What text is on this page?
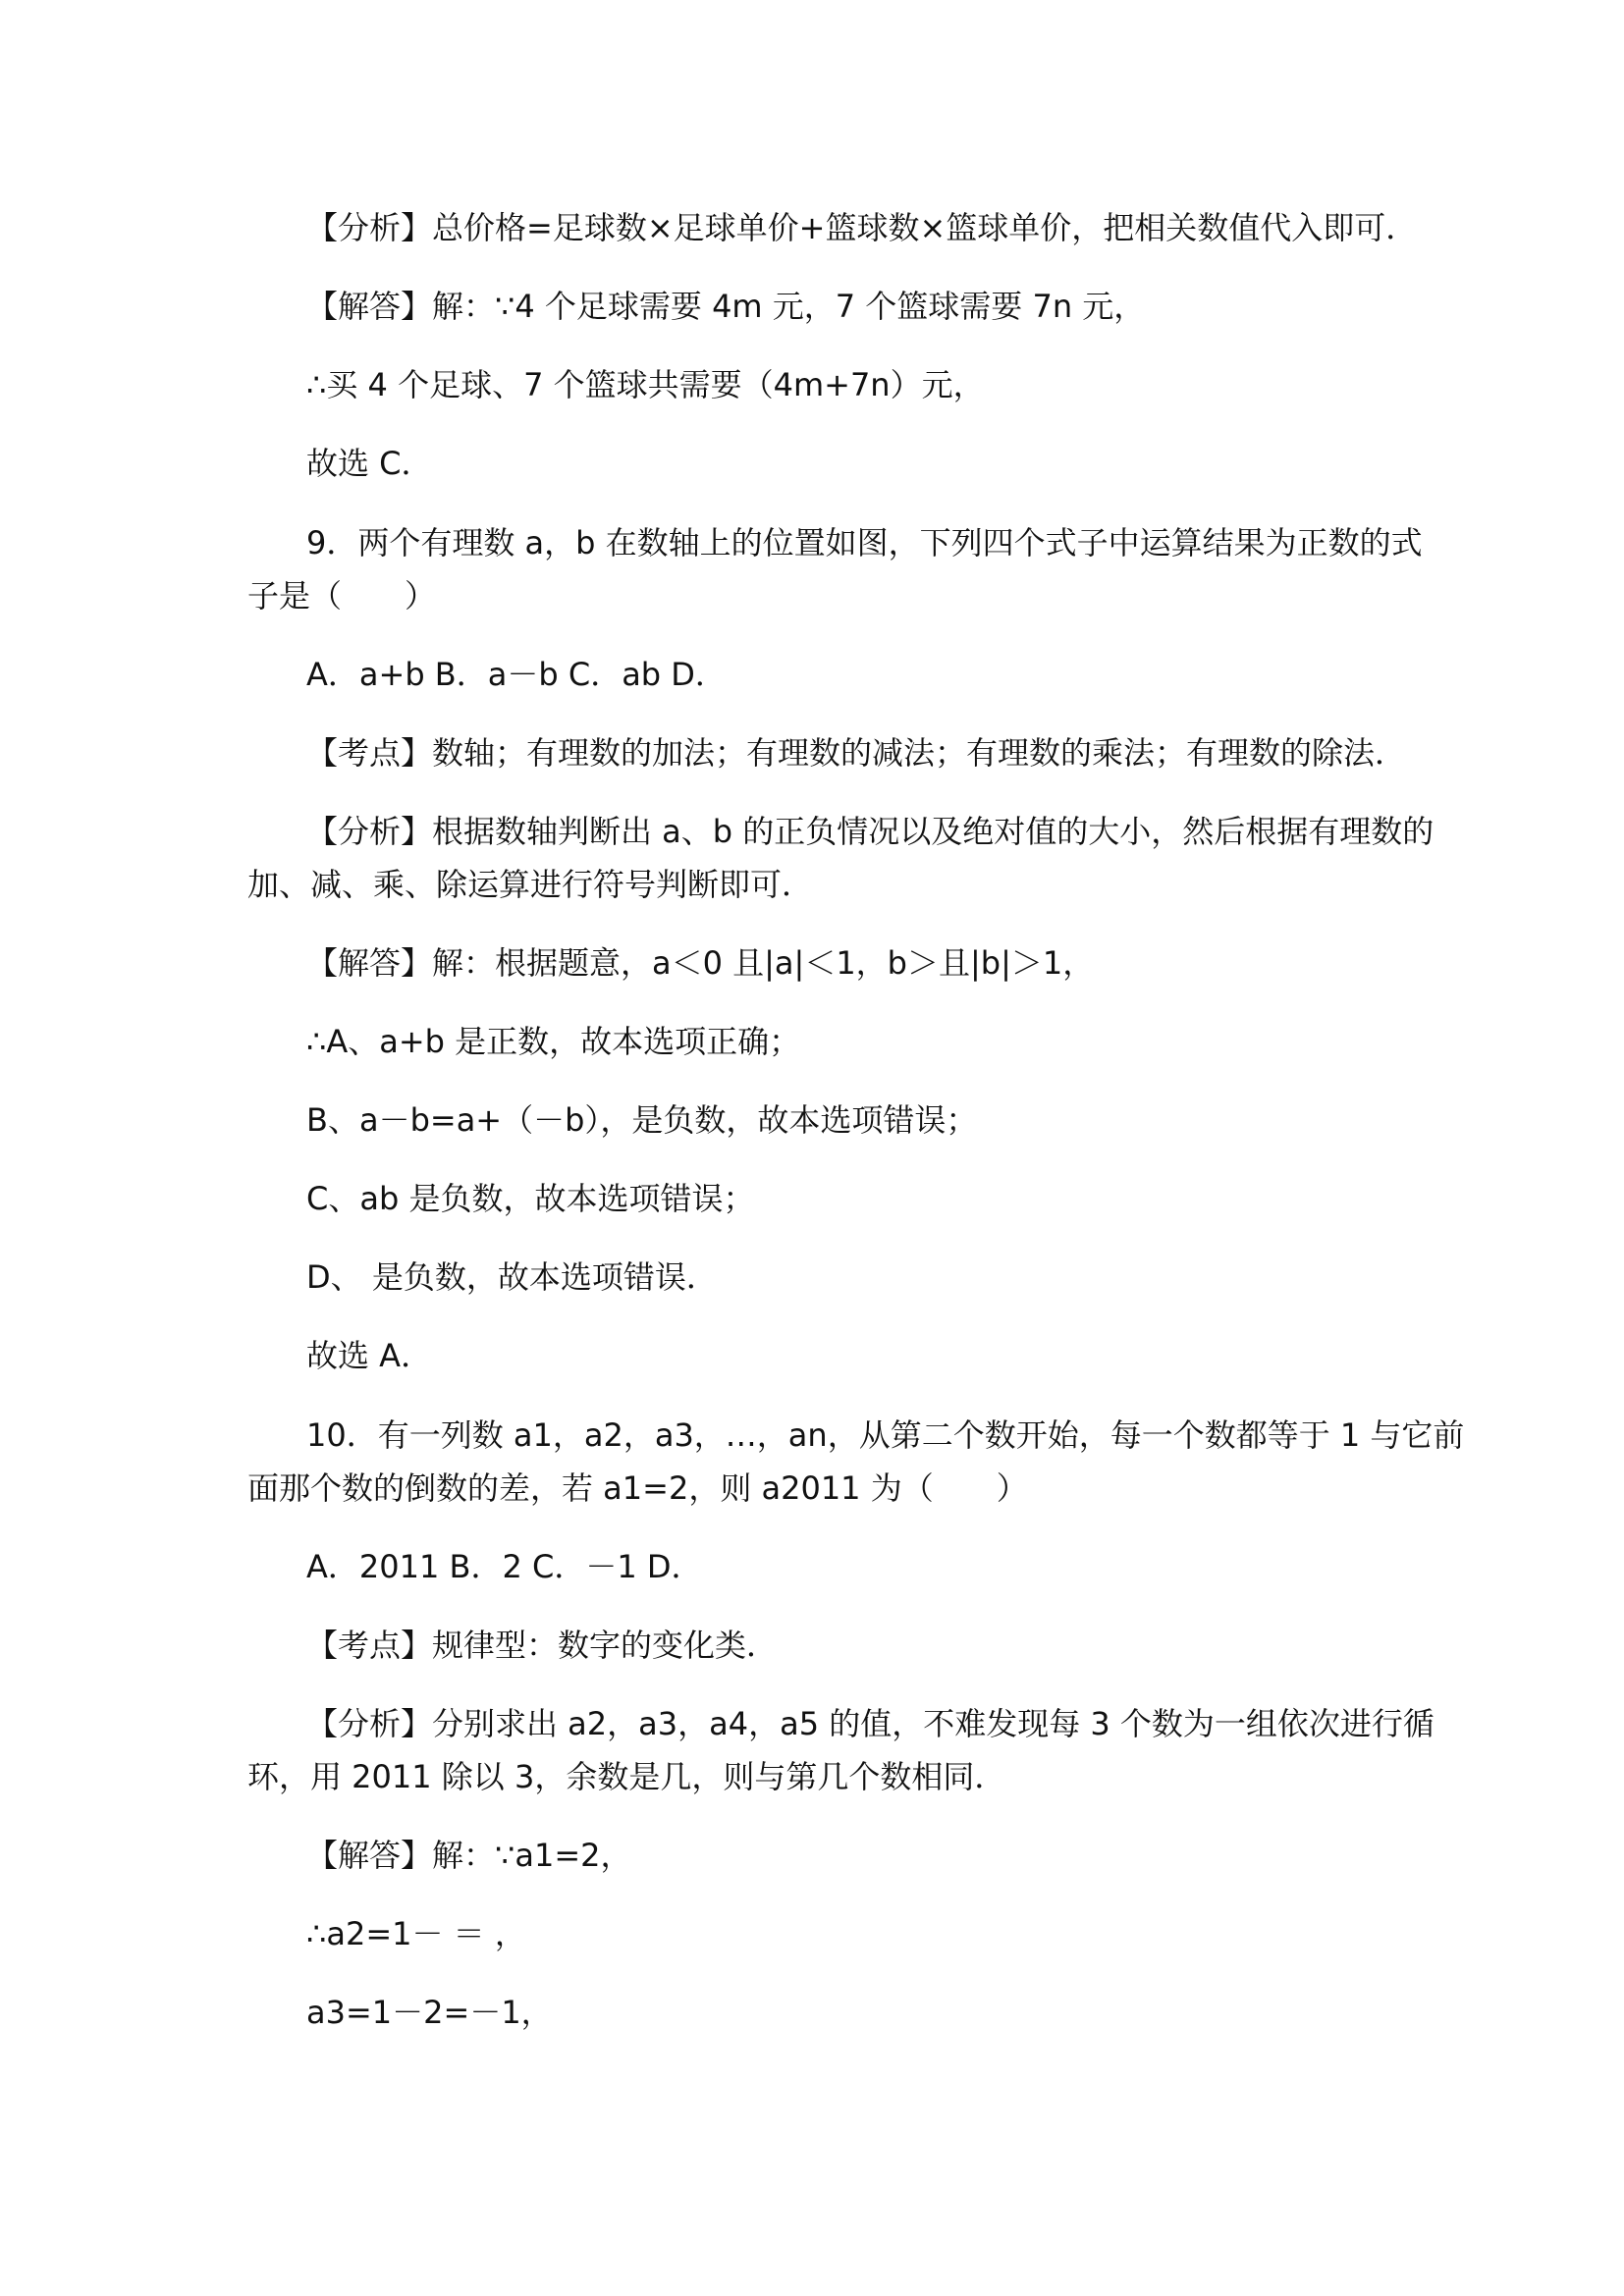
【分析】总价格=足球数×足球单价+篮球数×篮球单价，把相关数值代入即可．
【解答】解：∵4 个足球需要 4m 元，7 个篮球需要 7n 元，
∴买 4 个足球、7 个篮球共需要（4m+7n）元，
故选 C．
9．两个有理数 a，b 在数轴上的位置如图，下列四个式子中运算结果为正数的式
子是（　　）
A．a+b B．a－b C．ab D．
【考点】数轴；有理数的加法；有理数的减法；有理数的乘法；有理数的除法．
【分析】根据数轴判断出 a、b 的正负情况以及绝对值的大小，然后根据有理数的
加、减、乘、除运算进行符号判断即可．
【解答】解：根据题意，a＜0 且|a|＜1，b＞且|b|＞1，
∴A、a+b 是正数，故本选项正确；
B、a－b=a+（－b），是负数，故本选项错误；
C、ab 是负数，故本选项错误；
D、 是负数，故本选项错误．
故选 A．
10．有一列数 a1，a2，a3，…，an，从第二个数开始，每一个数都等于 1 与它前
面那个数的倒数的差，若 a1=2，则 a2011 为（　　）
A．2011 B．2 C．－1 D．
【考点】规律型：数字的变化类．
【分析】分别求出 a2，a3，a4，a5 的值，不难发现每 3 个数为一组依次进行循
环，用 2011 除以 3，余数是几，则与第几个数相同．
【解答】解：∵a1=2，
∴a2=1－ ＝ ，
a3=1－2=－1，
